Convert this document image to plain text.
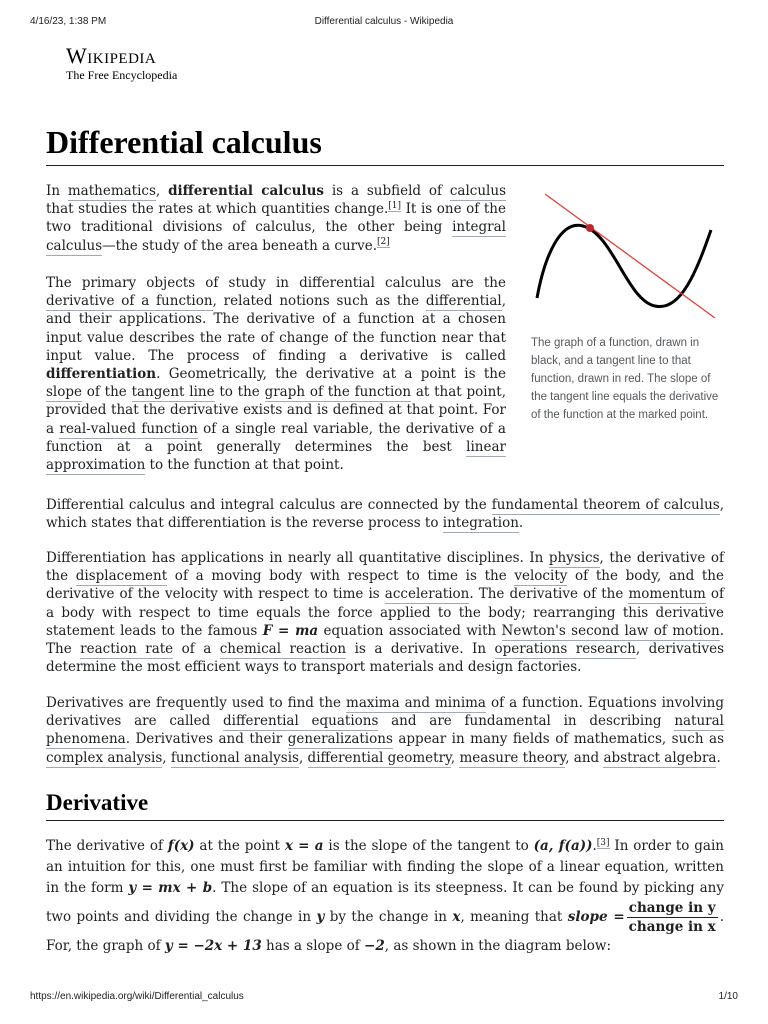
4/16/23, 1:38 PM	Differential calculus - Wikipedia
Wikipedia
The Free Encyclopedia
Differential calculus

In mathematics, differential calculus is a subfield of calculus that studies the rates at which quantities change.[1] It is one of the two traditional divisions of calculus, the other being integral calculus—the study of the area beneath a curve.[2]

The primary objects of study in differential calculus are the derivative of a function, related notions such as the differential, and their applications. The derivative of a function at a chosen input value describes the rate of change of the function near that input value. The process of finding a derivative is called differentiation. Geometrically, the derivative at a point is the slope of the tangent line to the graph of the function at that point, provided that the derivative exists and is defined at that point. For a real-valued function of a single real variable, the derivative of a function at a point generally determines the best linear approximation to the function at that point.

The graph of a function, drawn in black, and a tangent line to that function, drawn in red. The slope of the tangent line equals the derivative of the function at the marked point.

Differential calculus and integral calculus are connected by the fundamental theorem of calculus, which states that differentiation is the reverse process to integration.

Differentiation has applications in nearly all quantitative disciplines. In physics, the derivative of the displacement of a moving body with respect to time is the velocity of the body, and the derivative of the velocity with respect to time is acceleration. The derivative of the momentum of a body with respect to time equals the force applied to the body; rearranging this derivative statement leads to the famous F = ma equation associated with Newton's second law of motion. The reaction rate of a chemical reaction is a derivative. In operations research, derivatives determine the most efficient ways to transport materials and design factories.

Derivatives are frequently used to find the maxima and minima of a function. Equations involving derivatives are called differential equations and are fundamental in describing natural phenomena. Derivatives and their generalizations appear in many fields of mathematics, such as complex analysis, functional analysis, differential geometry, measure theory, and abstract algebra.

Derivative

The derivative of f(x) at the point x = a is the slope of the tangent to (a, f(a)).[3] In order to gain an intuition for this, one must first be familiar with finding the slope of a linear equation, written in the form y = mx + b. The slope of an equation is its steepness. It can be found by picking any two points and dividing the change in y by the change in x, meaning that slope = $\frac{\text{change in y}}{\text{change in x}}$ . For, the graph of y = −2x + 13 has a slope of −2, as shown in the diagram below:

https://en.wikipedia.org/wiki/Differential_calculus	1/10
